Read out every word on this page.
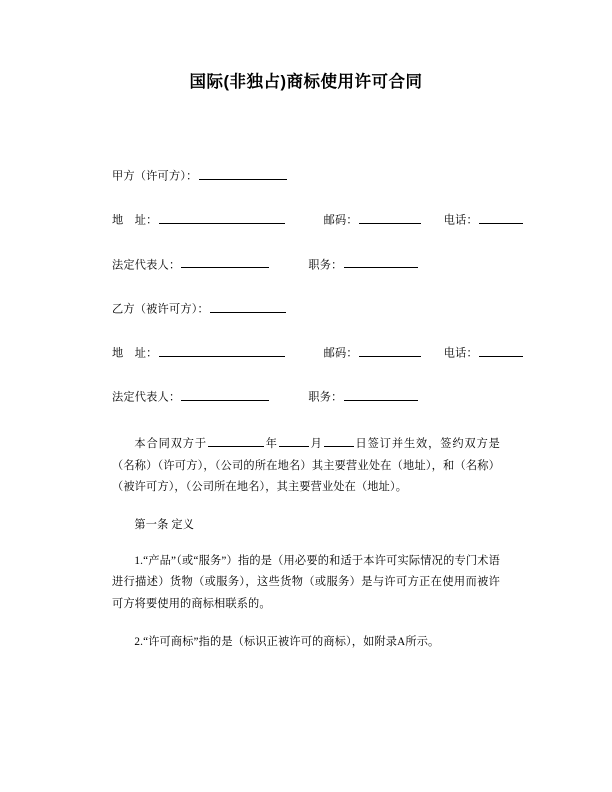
国际(非独占)商标使用许可合同
甲方（许可方）：
地　址：	邮码：	电话：
法定代表人：	职务：
乙方（被许可方）：
地　址：	邮码：	电话：
法定代表人：	职务：

本合同双方于	年	月	日签订并生效，签约双方是（名称）（许可方），（公司的所在地名）其主要营业处在（地址），和（名称）（被许可方），（公司所在地名），其主要营业处在（地址）。

第一条 定义

1.“产品”（或“服务”）指的是（用必要的和适于本许可实际情况的专门术语进行描述）货物（或服务），这些货物（或服务）是与许可方正在使用而被许可方将要使用的商标相联系的。

2.“许可商标”指的是（标识正被许可的商标），如附录A所示。
